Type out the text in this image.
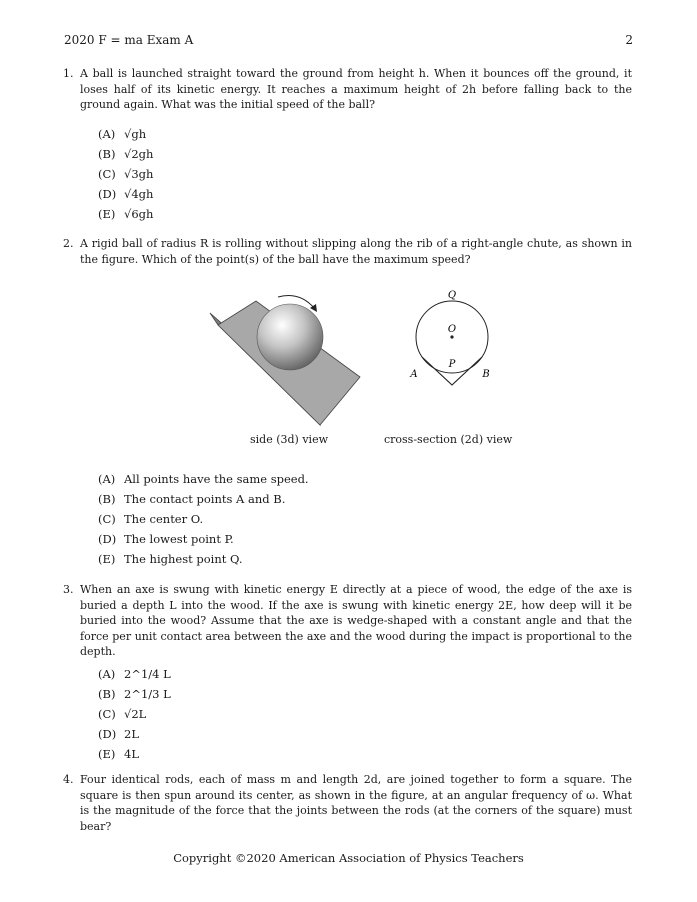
2020 F = ma Exam A	2
1. A ball is launched straight toward the ground from height h. When it bounces off the ground, it loses half of its kinetic energy. It reaches a maximum height of 2h before falling back to the ground again. What was the initial speed of the ball?

(A) √gh
(B) √2gh
(C) √3gh
(D) √4gh
(E) √6gh
2. A rigid ball of radius R is rolling without slipping along the rib of a right-angle chute, as shown in the figure. Which of the point(s) of the ball have the maximum speed?

Q
O
P
A	B
side (3d) view	cross-section (2d) view
(A) All points have the same speed.
(B) The contact points A and B.
(C) The center O.
(D) The lowest point P.
(E) The highest point Q.
3. When an axe is swung with kinetic energy E directly at a piece of wood, the edge of the axe is buried a depth L into the wood. If the axe is swung with kinetic energy 2E, how deep will it be buried into the wood? Assume that the axe is wedge-shaped with a constant angle and that the force per unit contact area between the axe and the wood during the impact is proportional to the depth.

(A) 2^1/4 L
(B) 2^1/3 L
(C) √2L
(D) 2L
(E) 4L
4. Four identical rods, each of mass m and length 2d, are joined together to form a square. The square is then spun around its center, as shown in the figure, at an angular frequency of ω. What is the magnitude of the force that the joints between the rods (at the corners of the square) must bear?

Copyright ©2020 American Association of Physics Teachers
